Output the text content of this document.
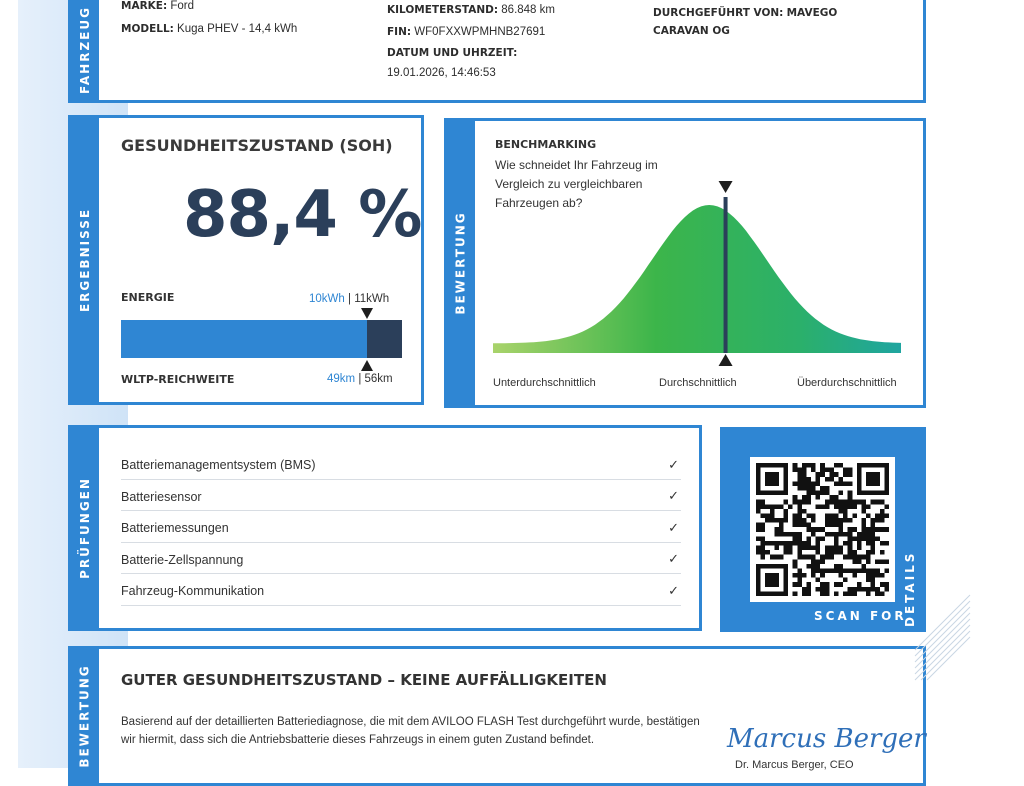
FAHRZEUG	MARKE: Ford
MODELL: Kuga PHEV - 14,4 kWh
KILOMETERSTAND: 86.848 km
FIN: WF0FXXWPMHNB27691
DATUM UND UHRZEIT:
19.01.2026, 14:46:53
DURCHGEFÜHRT VON: MAVEGO
CARAVAN OG
ERGEBNISSE
GESUNDHEITSZUSTAND (SOH)
88,4 %
ENERGIE	10kWh | 11kWh
WLTP-REICHWEITE	49km | 56km
BEWERTUNG
BENCHMARKING
Wie schneidet Ihr Fahrzeug im Vergleich zu vergleichbaren Fahrzeugen ab?
Unterdurchschnittlich	Durchschnittlich	Überdurchschnittlich
PRÜFUNGEN
Batteriemanagementsystem (BMS)	✓
Batteriesensor	✓
Batteriemessungen	✓
Batterie-Zellspannung	✓
Fahrzeug-Kommunikation	✓
SCAN FOR
DETAILS
BEWERTUNG GUTER GESUNDHEITSZUSTAND – KEINE AUFFÄLLIGKEITEN
Basierend auf der detaillierten Batteriediagnose, die mit dem AVILOO FLASH Test durchgeführt wurde, bestätigen wir hiermit, dass sich die Antriebsbatterie dieses Fahrzeugs in einem guten Zustand befindet.	Marcus Berger
Dr. Marcus Berger, CEO
